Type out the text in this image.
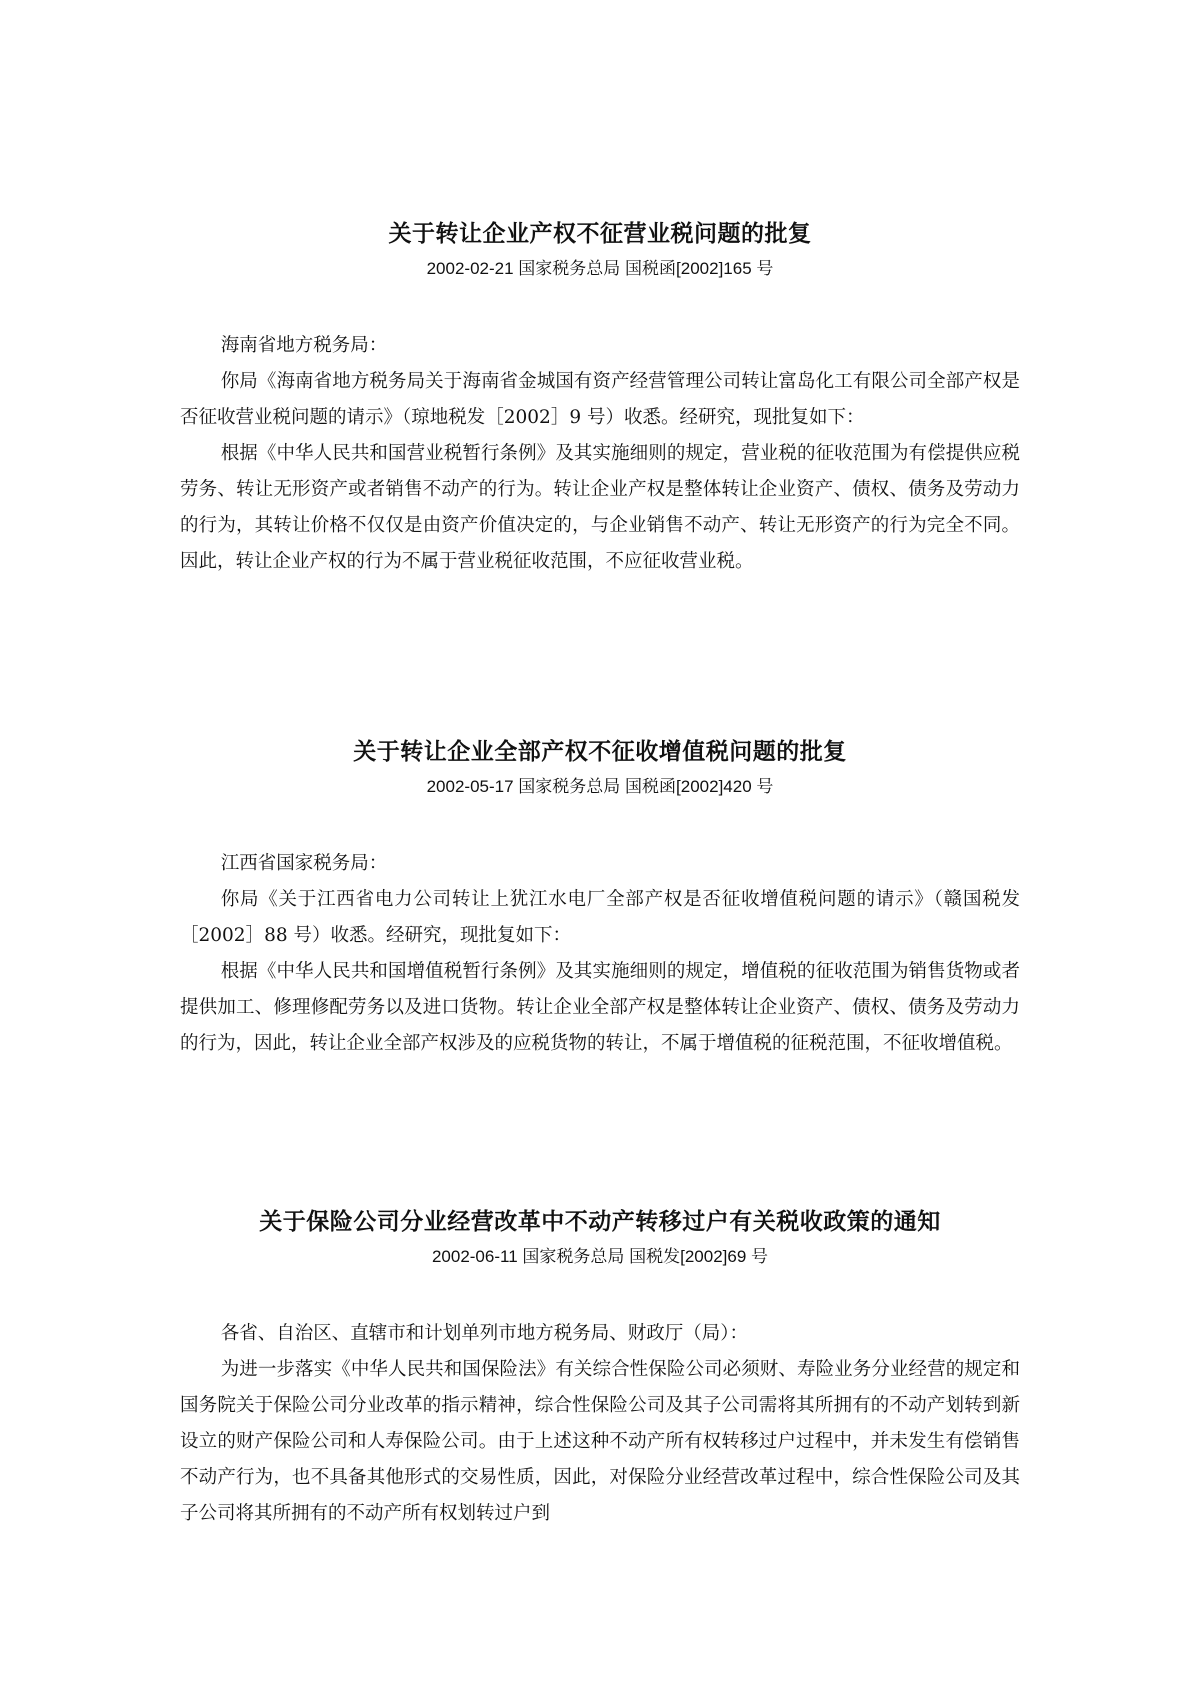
关于转让企业产权不征营业税问题的批复
2002-02-21 国家税务总局 国税函[2002]165 号

海南省地方税务局：

你局《海南省地方税务局关于海南省金城国有资产经营管理公司转让富岛化工有限公司全部产权是否征收营业税问题的请示》（琼地税发［2002］9 号）收悉。经研究，现批复如下：

根据《中华人民共和国营业税暂行条例》及其实施细则的规定，营业税的征收范围为有偿提供应税劳务、转让无形资产或者销售不动产的行为。转让企业产权是整体转让企业资产、债权、债务及劳动力的行为，其转让价格不仅仅是由资产价值决定的，与企业销售不动产、转让无形资产的行为完全不同。因此，转让企业产权的行为不属于营业税征收范围，不应征收营业税。

关于转让企业全部产权不征收增值税问题的批复
2002-05-17 国家税务总局 国税函[2002]420 号

江西省国家税务局：

你局《关于江西省电力公司转让上犹江水电厂全部产权是否征收增值税问题的请示》（赣国税发［2002］88 号）收悉。经研究，现批复如下：

根据《中华人民共和国增值税暂行条例》及其实施细则的规定，增值税的征收范围为销售货物或者提供加工、修理修配劳务以及进口货物。转让企业全部产权是整体转让企业资产、债权、债务及劳动力的行为，因此，转让企业全部产权涉及的应税货物的转让，不属于增值税的征税范围，不征收增值税。

关于保险公司分业经营改革中不动产转移过户有关税收政策的通知
2002-06-11 国家税务总局 国税发[2002]69 号

各省、自治区、直辖市和计划单列市地方税务局、财政厅（局）：

为进一步落实《中华人民共和国保险法》有关综合性保险公司必须财、寿险业务分业经营的规定和国务院关于保险公司分业改革的指示精神，综合性保险公司及其子公司需将其所拥有的不动产划转到新设立的财产保险公司和人寿保险公司。由于上述这种不动产所有权转移过户过程中，并未发生有偿销售不动产行为，也不具备其他形式的交易性质，因此，对保险分业经营改革过程中，综合性保险公司及其子公司将其所拥有的不动产所有权划转过户到
